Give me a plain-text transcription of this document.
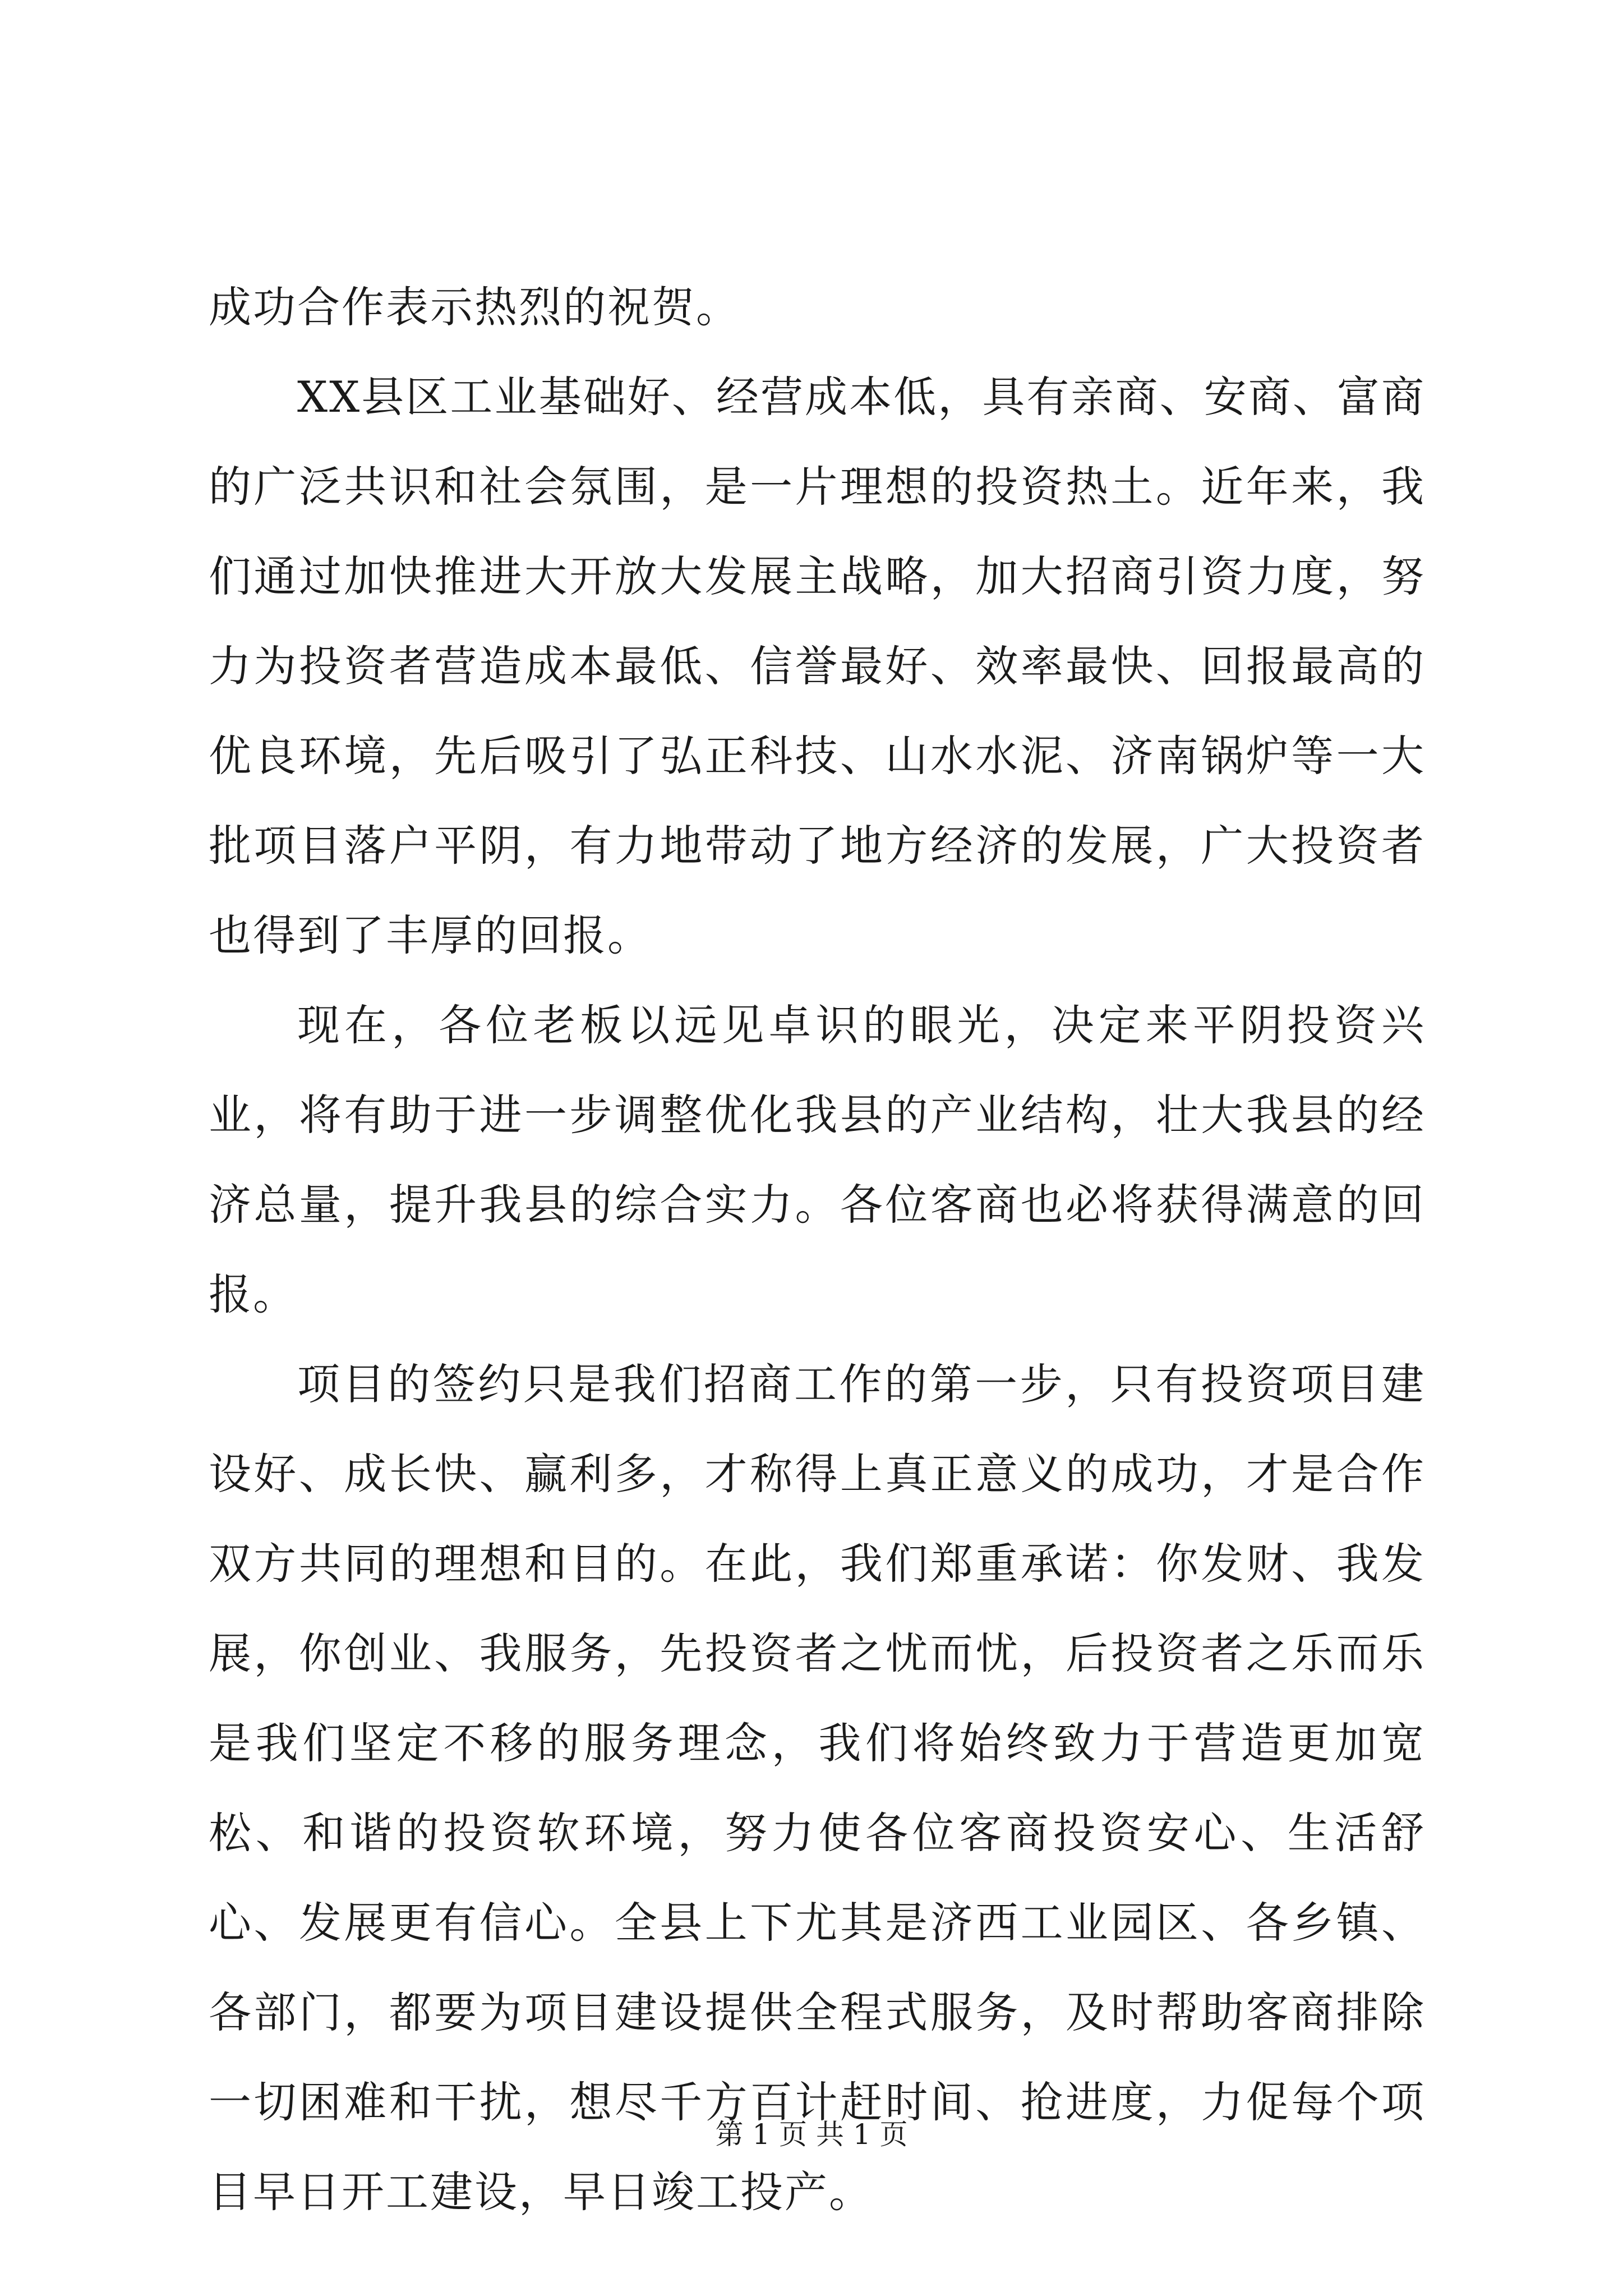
成功合作表示热烈的祝贺。

XX县区工业基础好、经营成本低，具有亲商、安商、富商的广泛共识和社会氛围，是一片理想的投资热土。近年来，我们通过加快推进大开放大发展主战略，加大招商引资力度，努力为投资者营造成本最低、信誉最好、效率最快、回报最高的优良环境，先后吸引了弘正科技、山水水泥、济南锅炉等一大批项目落户平阴，有力地带动了地方经济的发展，广大投资者也得到了丰厚的回报。

现在，各位老板以远见卓识的眼光，决定来平阴投资兴业，将有助于进一步调整优化我县的产业结构，壮大我县的经济总量，提升我县的综合实力。各位客商也必将获得满意的回报。

项目的签约只是我们招商工作的第一步，只有投资项目建设好、成长快、赢利多，才称得上真正意义的成功，才是合作双方共同的理想和目的。在此，我们郑重承诺：你发财、我发展，你创业、我服务，先投资者之忧而忧，后投资者之乐而乐是我们坚定不移的服务理念，我们将始终致力于营造更加宽松、和谐的投资软环境，努力使各位客商投资安心、生活舒心、发展更有信心。全县上下尤其是济西工业园区、各乡镇、各部门，都要为项目建设提供全程式服务，及时帮助客商排除一切困难和干扰，想尽千方百计赶时间、抢进度，力促每个项目早日开工建设，早日竣工投产。

第 1 页 共 1 页
